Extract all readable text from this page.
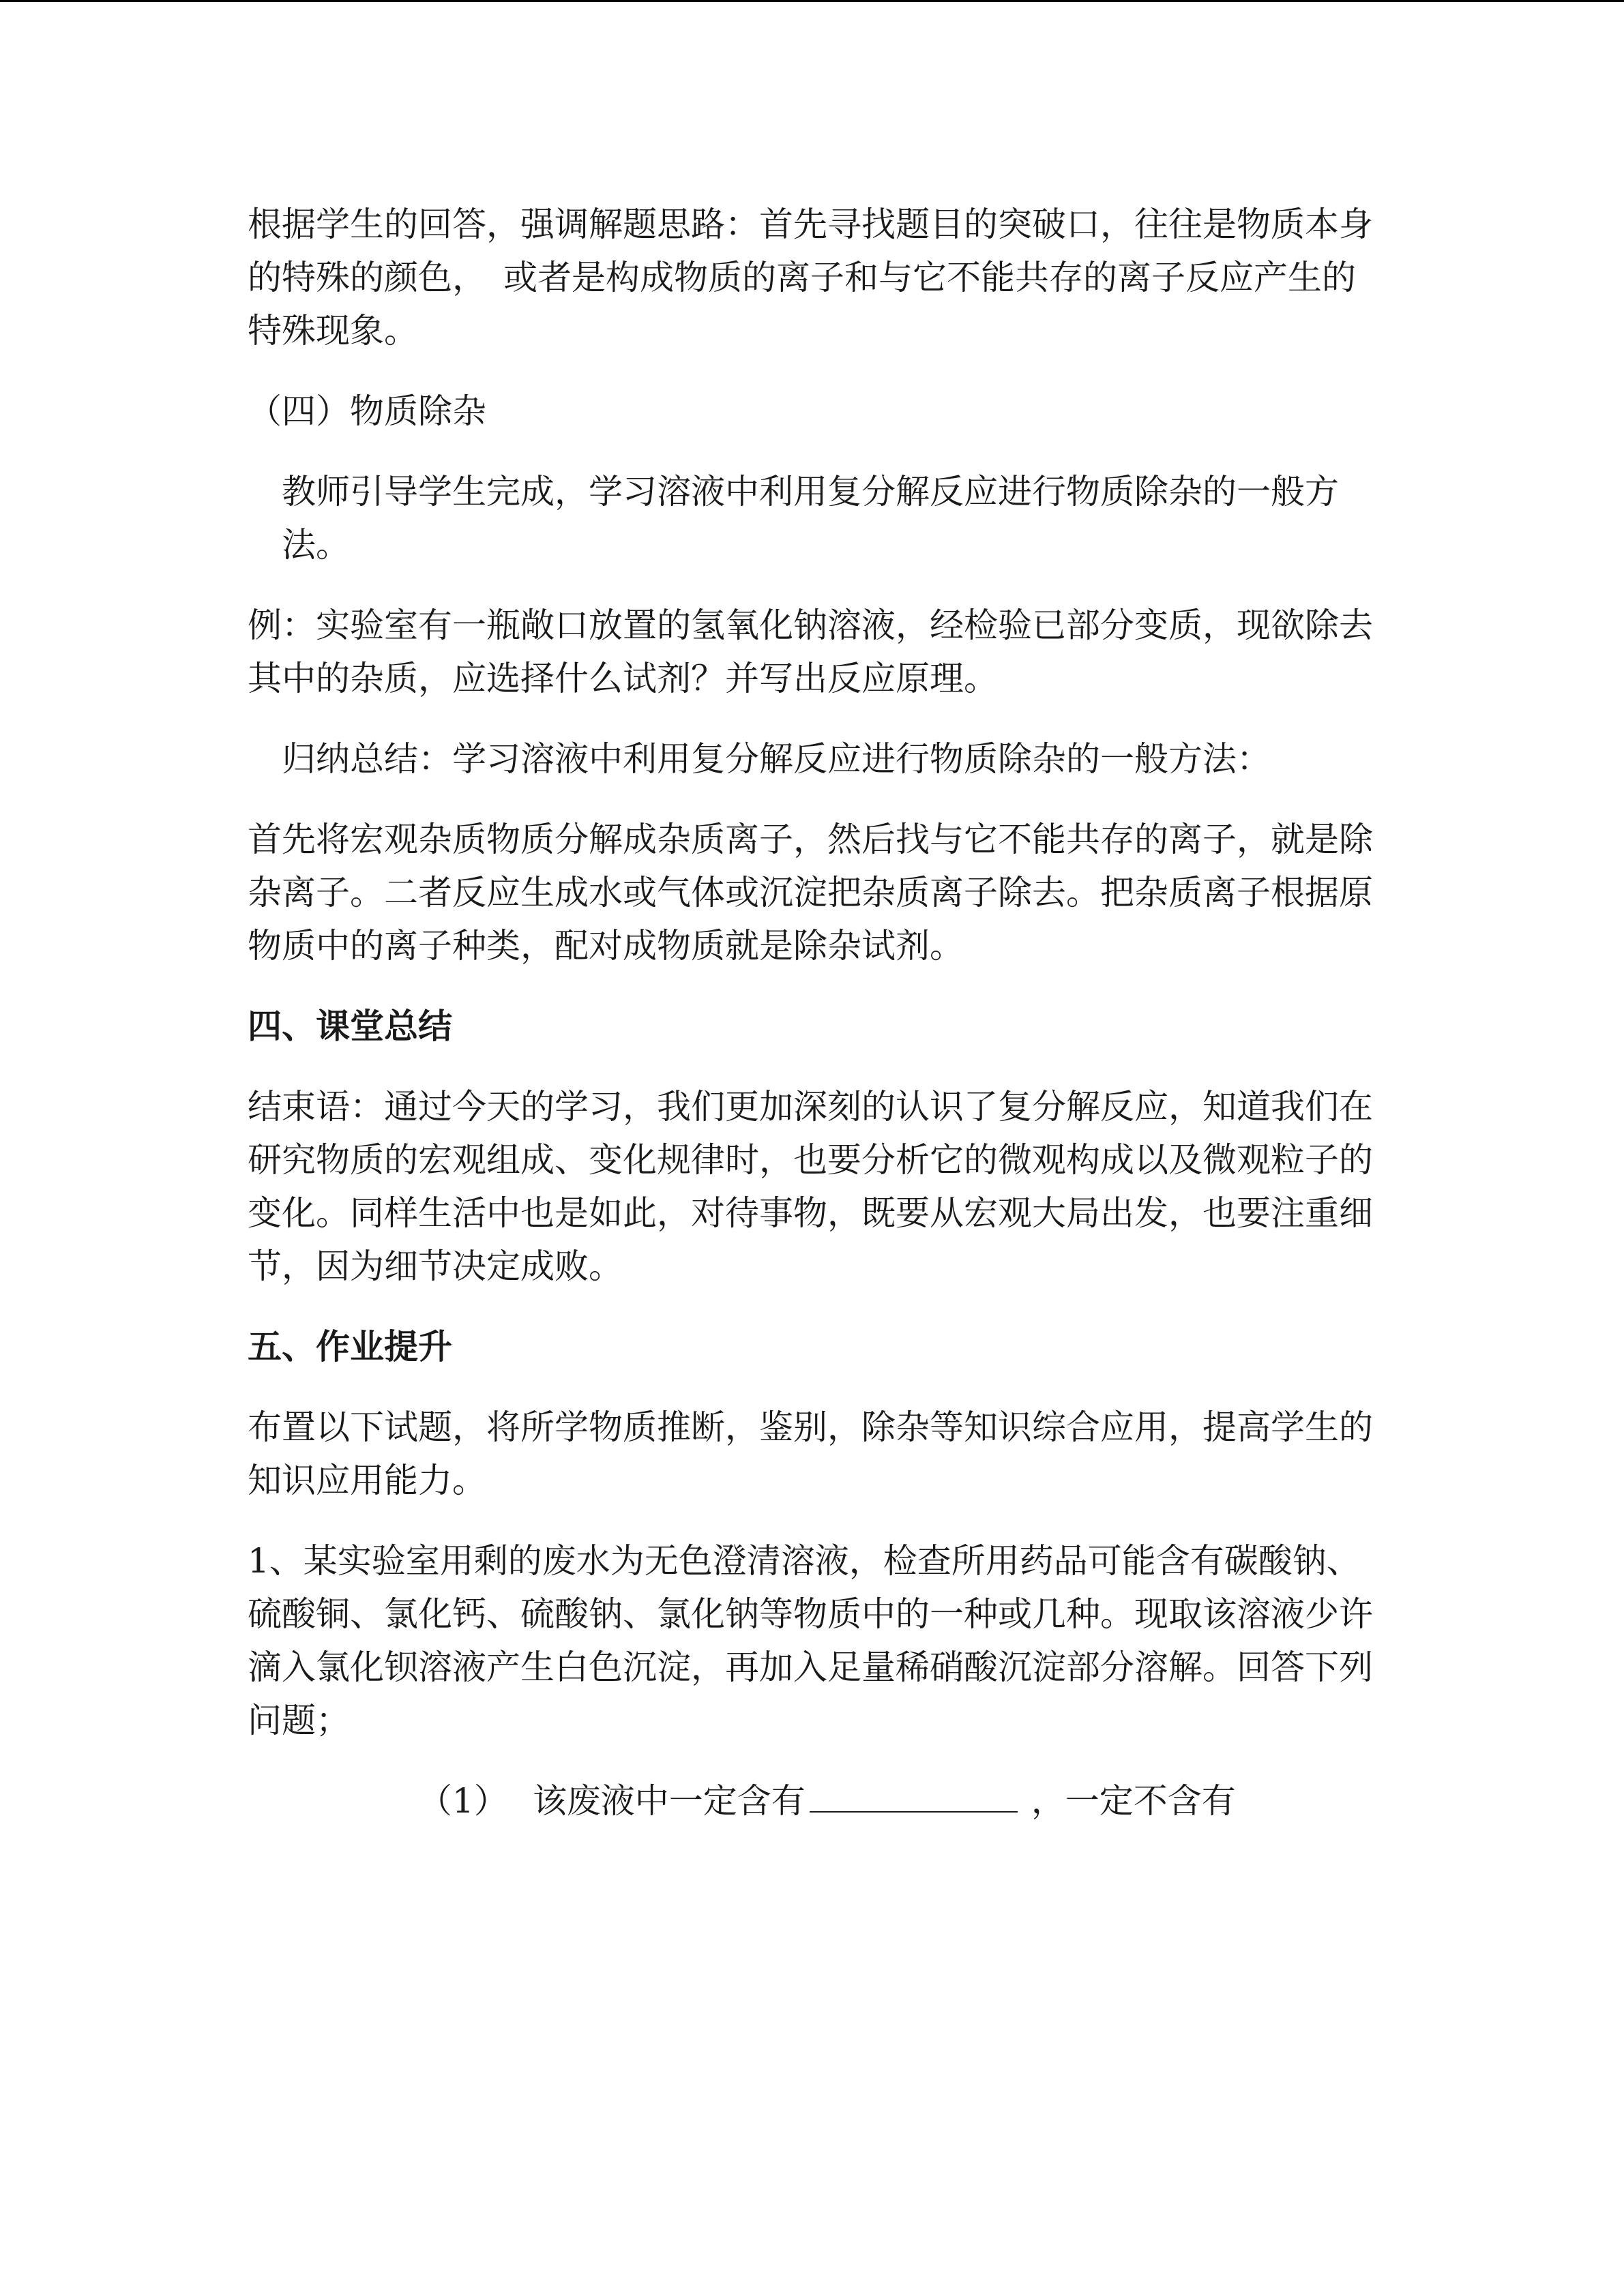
根据学生的回答，强调解题思路：首先寻找题目的突破口，往往是物质本身的特殊的颜色，　或者是构成物质的离子和与它不能共存的离子反应产生的特殊现象。

（四）物质除杂

教师引导学生完成，学习溶液中利用复分解反应进行物质除杂的一般方法。

例：实验室有一瓶敞口放置的氢氧化钠溶液，经检验已部分变质，现欲除去其中的杂质，应选择什么试剂？并写出反应原理。

归纳总结：学习溶液中利用复分解反应进行物质除杂的一般方法：

首先将宏观杂质物质分解成杂质离子，然后找与它不能共存的离子，就是除杂离子。二者反应生成水或气体或沉淀把杂质离子除去。把杂质离子根据原物质中的离子种类，配对成物质就是除杂试剂。

四、课堂总结

结束语：通过今天的学习，我们更加深刻的认识了复分解反应，知道我们在研究物质的宏观组成、变化规律时，也要分析它的微观构成以及微观粒子的变化。同样生活中也是如此，对待事物，既要从宏观大局出发，也要注重细节，因为细节决定成败。

五、作业提升

布置以下试题，将所学物质推断，鉴别，除杂等知识综合应用，提高学生的知识应用能力。

1、某实验室用剩的废水为无色澄清溶液，检查所用药品可能含有碳酸钠、硫酸铜、氯化钙、硫酸钠、氯化钠等物质中的一种或几种。现取该溶液少许滴入氯化钡溶液产生白色沉淀，再加入足量稀硝酸沉淀部分溶解。回答下列问题；

（1） 该废液中一定含有	，一定不含有
